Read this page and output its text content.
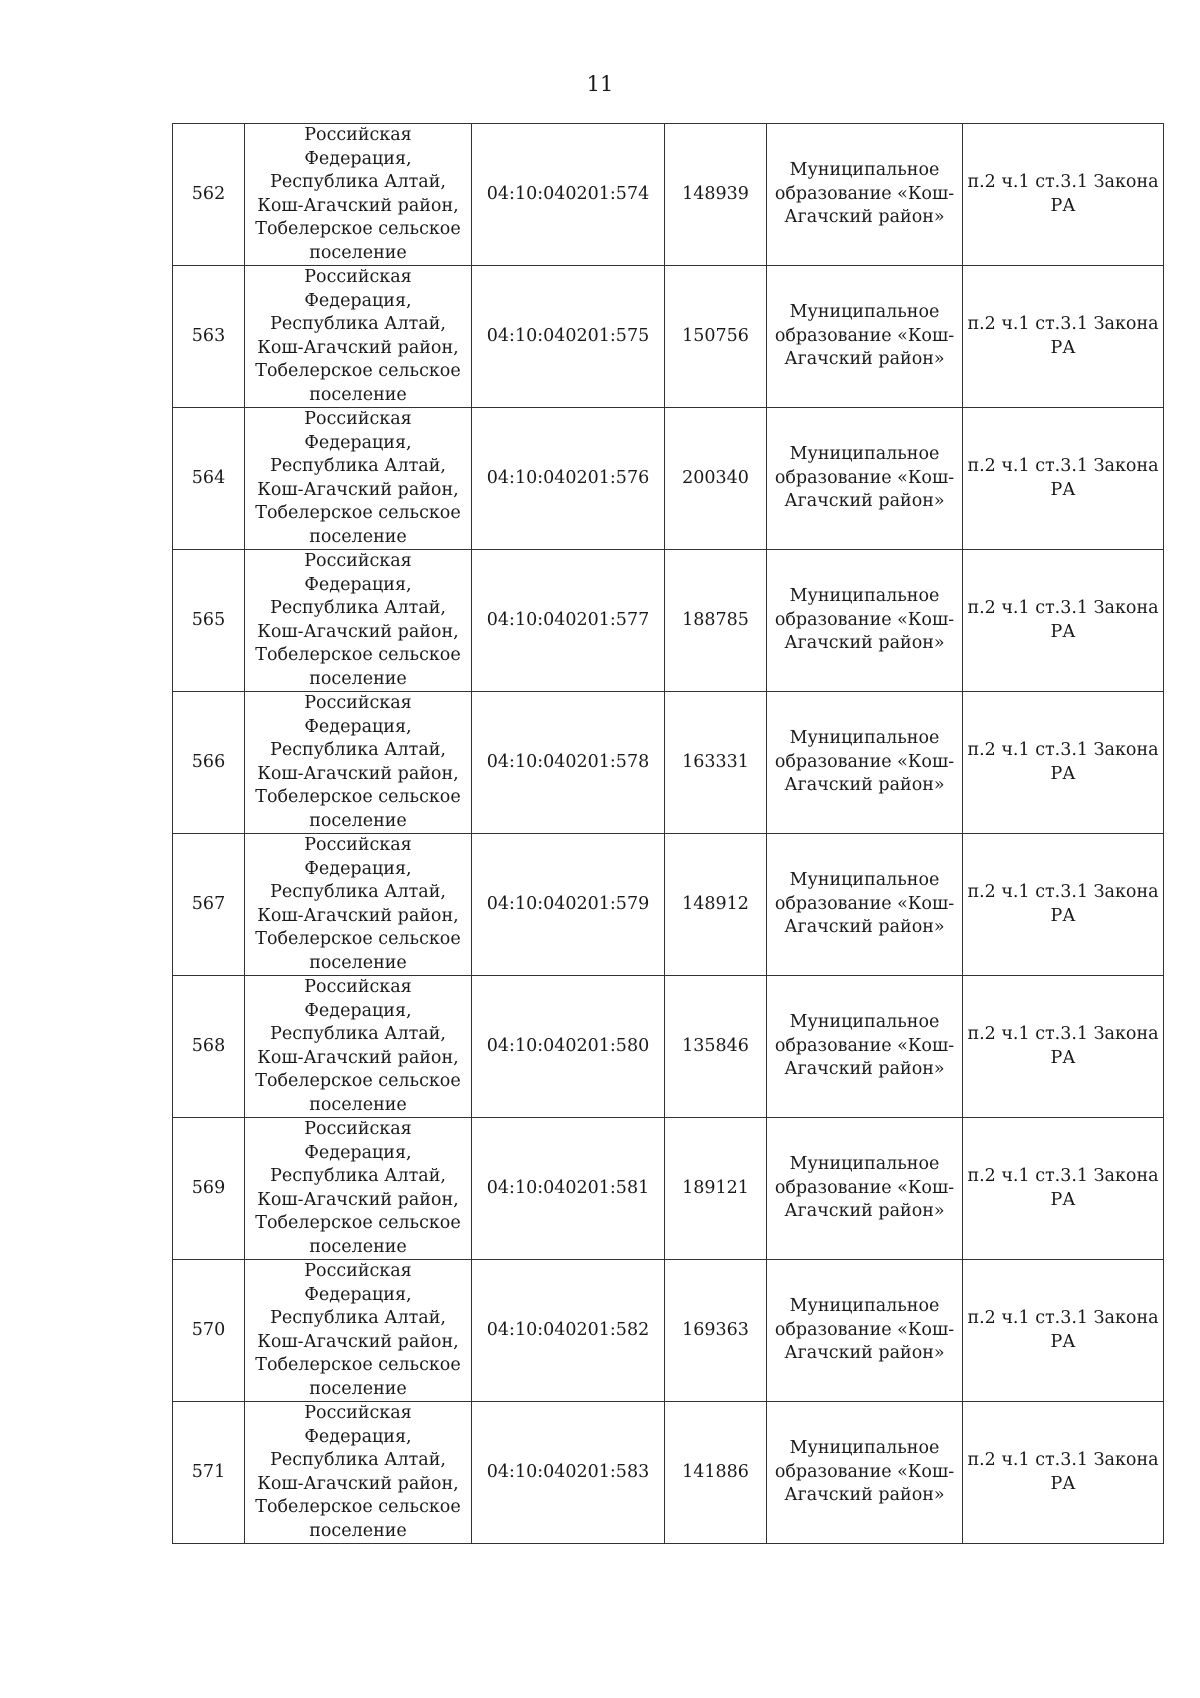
11
562	Российская Федерация,
Республика Алтай,
Кош-Агачский район,
Тобелерское сельское
поселение	04:10:040201:574	148939	Муниципальное
образование «Кош-
Агачский район»	п.2 ч.1 ст.3.1 Закона
РА

563	Российская Федерация,
Республика Алтай,
Кош-Агачский район,
Тобелерское сельское
поселение	04:10:040201:575	150756	Муниципальное
образование «Кош-
Агачский район»	п.2 ч.1 ст.3.1 Закона
РА

564	Российская Федерация,
Республика Алтай,
Кош-Агачский район,
Тобелерское сельское
поселение	04:10:040201:576	200340	Муниципальное
образование «Кош-
Агачский район»	п.2 ч.1 ст.3.1 Закона
РА

565	Российская Федерация,
Республика Алтай,
Кош-Агачский район,
Тобелерское сельское
поселение	04:10:040201:577	188785	Муниципальное
образование «Кош-
Агачский район»	п.2 ч.1 ст.3.1 Закона
РА

566	Российская Федерация,
Республика Алтай,
Кош-Агачский район,
Тобелерское сельское
поселение	04:10:040201:578	163331	Муниципальное
образование «Кош-
Агачский район»	п.2 ч.1 ст.3.1 Закона
РА

567	Российская Федерация,
Республика Алтай,
Кош-Агачский район,
Тобелерское сельское
поселение	04:10:040201:579	148912	Муниципальное
образование «Кош-
Агачский район»	п.2 ч.1 ст.3.1 Закона
РА

568	Российская Федерация,
Республика Алтай,
Кош-Агачский район,
Тобелерское сельское
поселение	04:10:040201:580	135846	Муниципальное
образование «Кош-
Агачский район»	п.2 ч.1 ст.3.1 Закона
РА

569	Российская Федерация,
Республика Алтай,
Кош-Агачский район,
Тобелерское сельское
поселение	04:10:040201:581	189121	Муниципальное
образование «Кош-
Агачский район»	п.2 ч.1 ст.3.1 Закона
РА

570	Российская Федерация,
Республика Алтай,
Кош-Агачский район,
Тобелерское сельское
поселение	04:10:040201:582	169363	Муниципальное
образование «Кош-
Агачский район»	п.2 ч.1 ст.3.1 Закона
РА

571	Российская Федерация,
Республика Алтай,
Кош-Агачский район,
Тобелерское сельское
поселение	04:10:040201:583	141886	Муниципальное
образование «Кош-
Агачский район»	п.2 ч.1 ст.3.1 Закона
РА
